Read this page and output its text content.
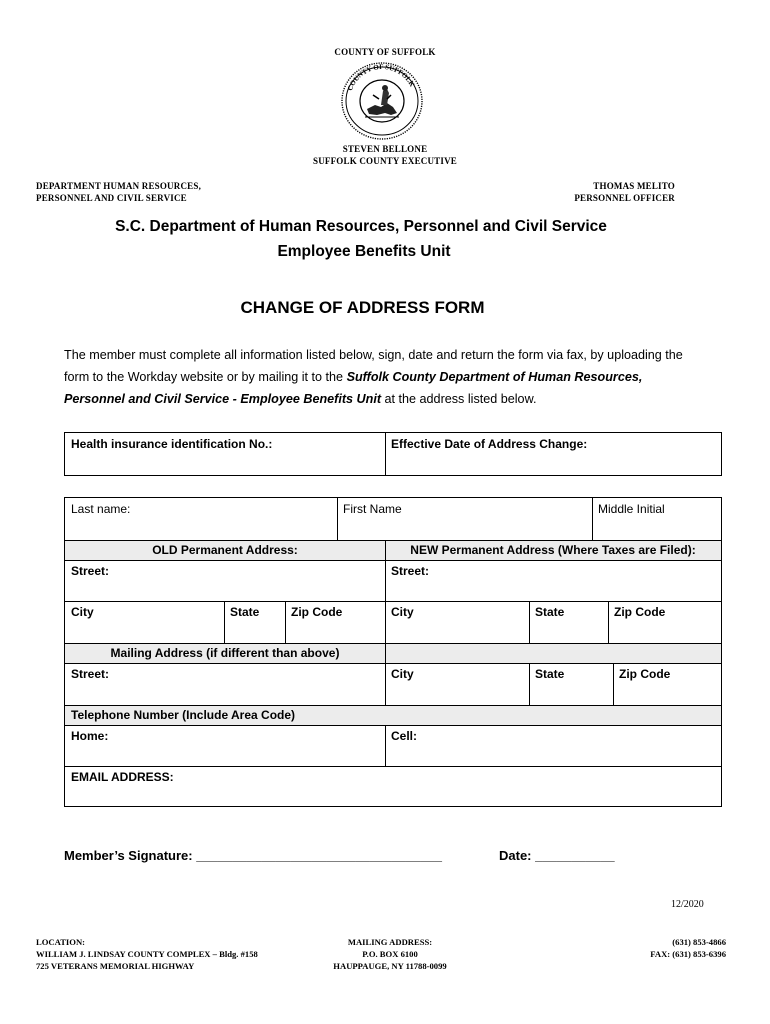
COUNTY OF SUFFOLK
COUNTY OF SUFFOLK
STEVEN BELLONE
SUFFOLK COUNTY EXECUTIVE
DEPARTMENT HUMAN RESOURCES,
PERSONNEL AND CIVIL SERVICE
THOMAS MELITO
PERSONNEL OFFICER
S.C. Department of Human Resources, Personnel and Civil Service
Employee Benefits Unit
CHANGE OF ADDRESS FORM
The member must complete all information listed below, sign, date and return the form via fax, by uploading the form to the Workday website or by mailing it to the Suffolk County Department of Human Resources, Personnel and Civil Service - Employee Benefits Unit at the address listed below.
Health insurance identification No.:	Effective Date of Address Change:
Last name:	First Name	Middle Initial
OLD Permanent Address:	NEW Permanent Address (Where Taxes are Filed):
Street:	Street:
City	State	Zip Code	City	State	Zip Code
Mailing Address (if different than above)
Street:	City	State	Zip Code
Telephone Number (Include Area Code)
Home:	Cell:
EMAIL ADDRESS:
Member’s Signature: __________________________________	Date: ___________
12/2020
LOCATION:
WILLIAM J. LINDSAY COUNTY COMPLEX – Bldg. #158
725 VETERANS MEMORIAL HIGHWAY
MAILING ADDRESS:
P.O. BOX 6100
HAUPPAUGE, NY 11788-0099
(631) 853-4866
FAX: (631) 853-6396
